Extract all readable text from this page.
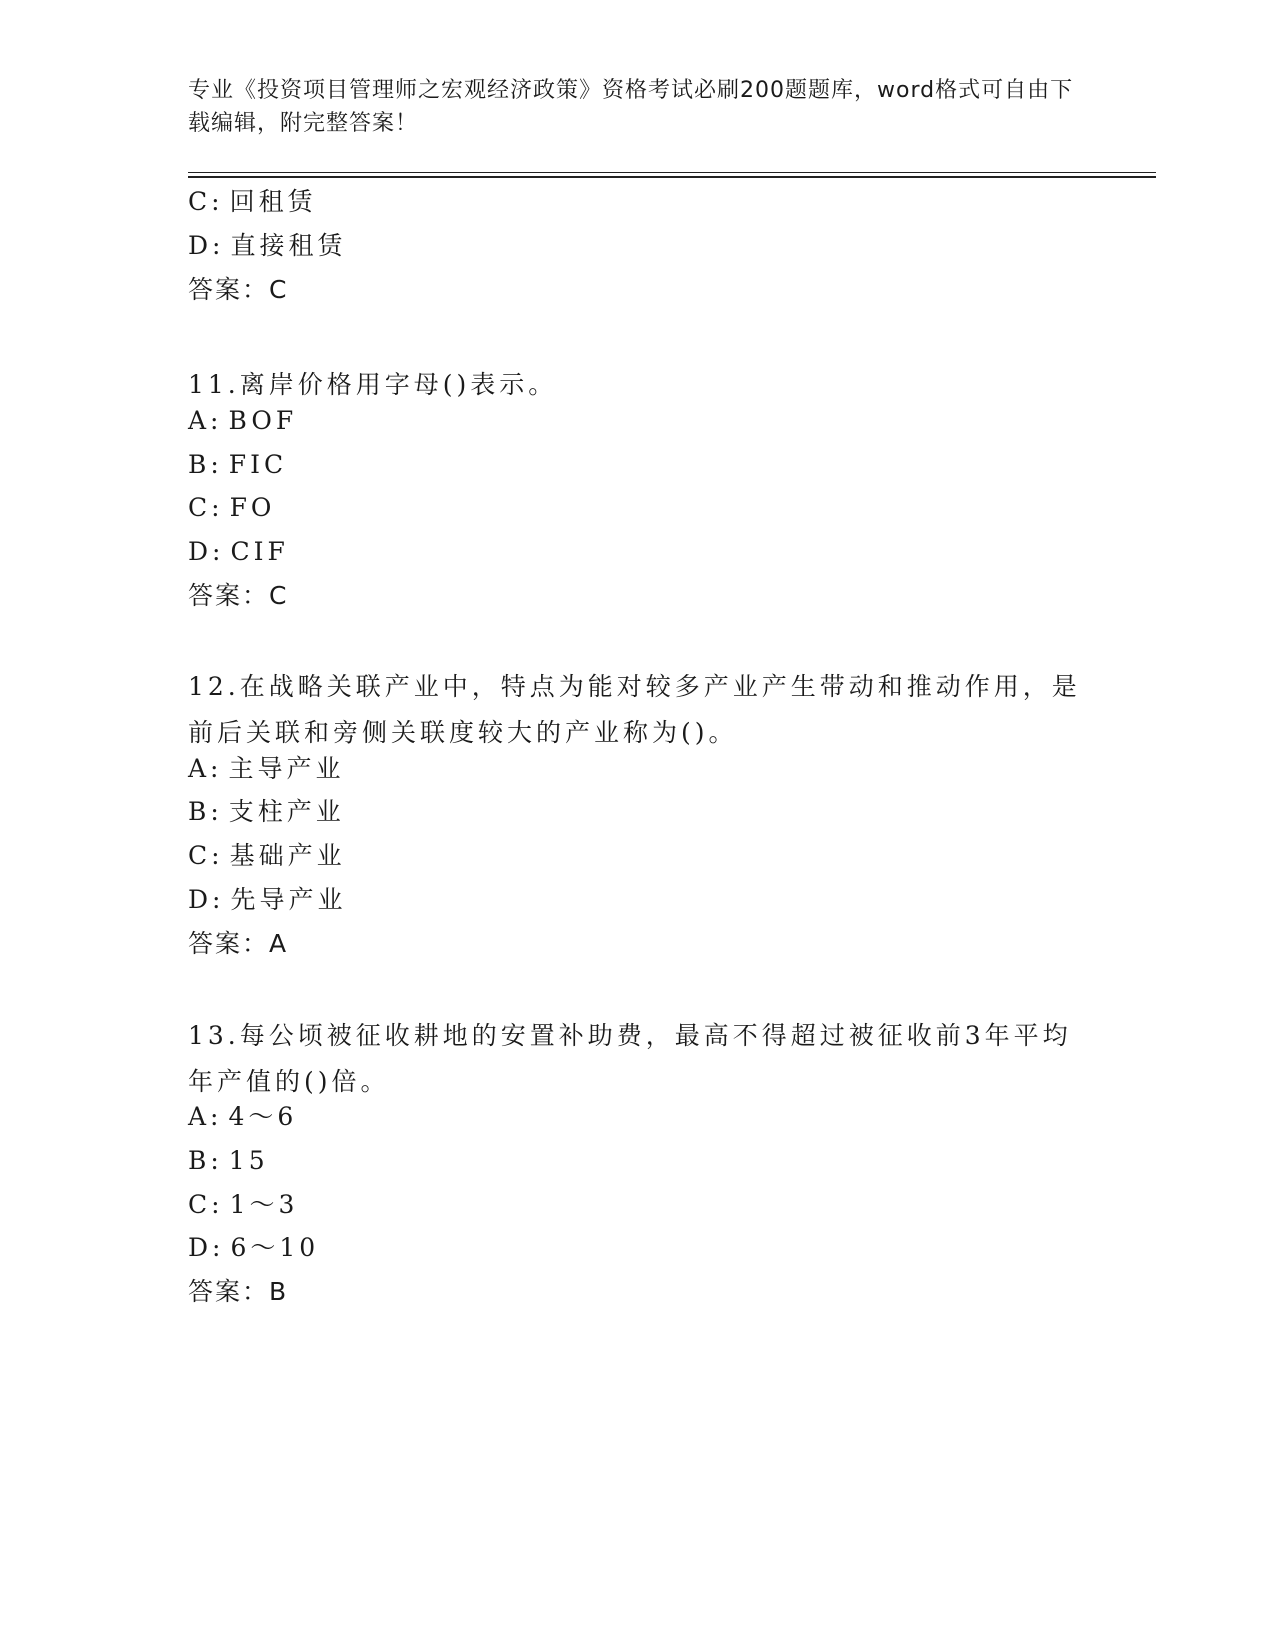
专业《投资项目管理师之宏观经济政策》资格考试必刷200题题库，word格式可自由下载编辑，附完整答案！
C: 回租赁
D: 直接租赁
答案：C
11.离岸价格用字母()表示。
A: BOF
B: FIC
C: FO
D: CIF
答案：C
12.在战略关联产业中，特点为能对较多产业产生带动和推动作用，是前后关联和旁侧关联度较大的产业称为()。
A: 主导产业
B: 支柱产业
C: 基础产业
D: 先导产业
答案：A
13.每公顷被征收耕地的安置补助费，最高不得超过被征收前3年平均年产值的()倍。
A: 4～6
B: 15
C: 1～3
D: 6～10
答案：B
